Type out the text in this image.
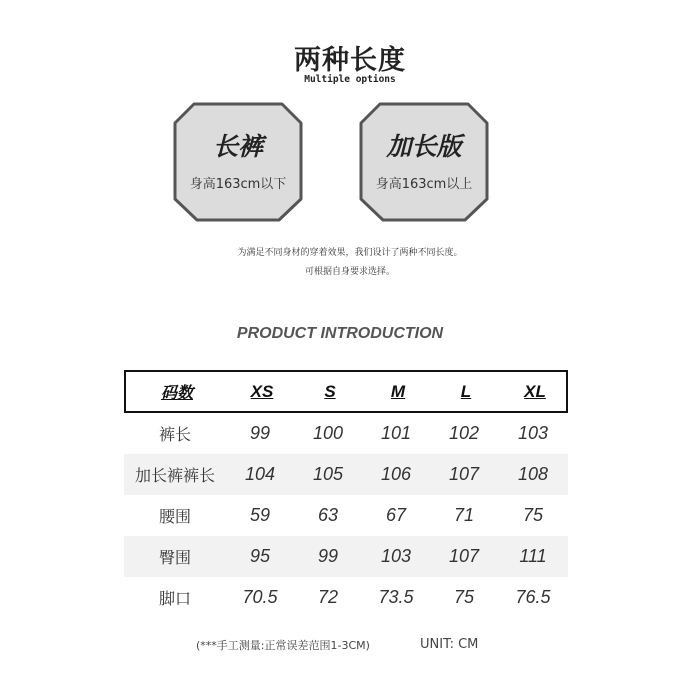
两种长度
Multiple options
长裤
身高163cm以下
加长版
身高163cm以上
为满足不同身材的穿着效果，我们设计了两种不同长度。
可根据自身要求选择。
PRODUCT INTRODUCTION
码数	XS	S	M	L	XL
裤长	99	100	101	102	103
加长裤裤长	104	105	106	107	108
腰围	59	63	67	71	75
臀围	95	99	103	107	111
脚口	70.5	72	73.5	75	76.5
(***手工测量:正常误差范围1-3CM)	UNIT: CM
